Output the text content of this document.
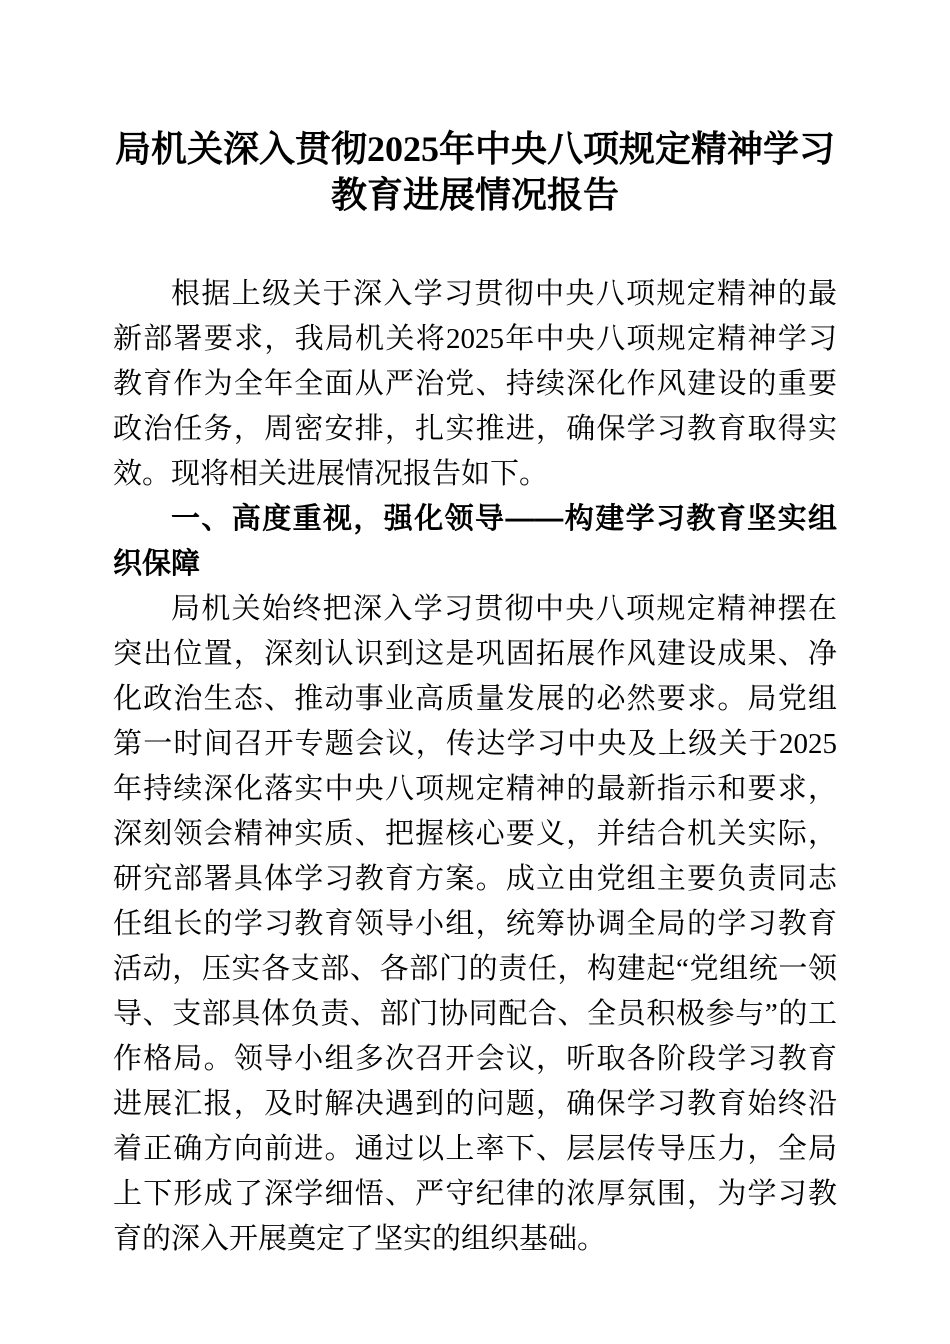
局机关深入贯彻2025年中央八项规定精神学习教育进展情况报告

根据上级关于深入学习贯彻中央八项规定精神的最新部署要求，我局机关将2025年中央八项规定精神学习教育作为全年全面从严治党、持续深化作风建设的重要政治任务，周密安排，扎实推进，确保学习教育取得实效。现将相关进展情况报告如下。

一、高度重视，强化领导——构建学习教育坚实组织保障

局机关始终把深入学习贯彻中央八项规定精神摆在突出位置，深刻认识到这是巩固拓展作风建设成果、净化政治生态、推动事业高质量发展的必然要求。局党组第一时间召开专题会议，传达学习中央及上级关于2025年持续深化落实中央八项规定精神的最新指示和要求，深刻领会精神实质、把握核心要义，并结合机关实际，研究部署具体学习教育方案。成立由党组主要负责同志任组长的学习教育领导小组，统筹协调全局的学习教育活动，压实各支部、各部门的责任，构建起“党组统一领导、支部具体负责、部门协同配合、全员积极参与”的工作格局。领导小组多次召开会议，听取各阶段学习教育进展汇报，及时解决遇到的问题，确保学习教育始终沿着正确方向前进。通过以上率下、层层传导压力，全局上下形成了深学细悟、严守纪律的浓厚氛围，为学习教育的深入开展奠定了坚实的组织基础。
